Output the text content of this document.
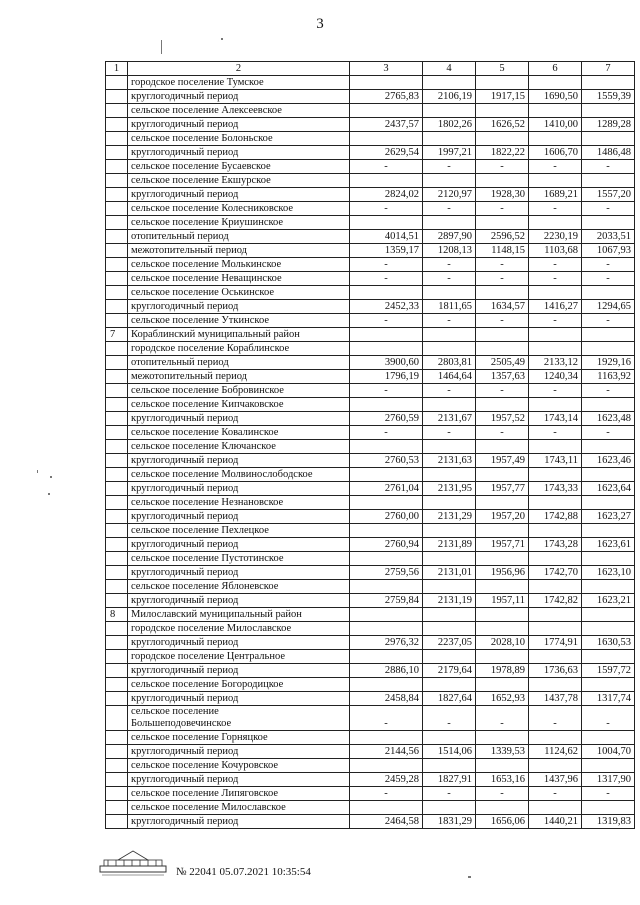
3
1	2	3	4	5	6	7
	городское поселение Тумское					
	круглогодичный период	2765,83	2106,19	1917,15	1690,50	1559,39
	сельское поселение Алексеевское					
	круглогодичный период	2437,57	1802,26	1626,52	1410,00	1289,28
	сельское поселение Болоньское					
	круглогодичный период	2629,54	1997,21	1822,22	1606,70	1486,48
	сельское поселение Бусаевское	-	-	-	-	-
	сельское поселение Екшурское					
	круглогодичный период	2824,02	2120,97	1928,30	1689,21	1557,20
	сельское поселение Колесниковское	-	-	-	-	-
	сельское поселение Криушинское					
	отопительный период	4014,51	2897,90	2596,52	2230,19	2033,51
	межотопительный период	1359,17	1208,13	1148,15	1103,68	1067,93
	сельское поселение Молькинское	-	-	-	-	-
	сельское поселение Неващинское	-	-	-	-	-
	сельское поселение Оськинское					
	круглогодичный период	2452,33	1811,65	1634,57	1416,27	1294,65
	сельское поселение Уткинское	-	-	-	-	-
7	Кораблинский муниципальный район					
	городское поселение Кораблинское					
	отопительный период	3900,60	2803,81	2505,49	2133,12	1929,16
	межотопительный период	1796,19	1464,64	1357,63	1240,34	1163,92
	сельское поселение Бобровинское	-	-	-	-	-
	сельское поселение Кипчаковское					
	круглогодичный период	2760,59	2131,67	1957,52	1743,14	1623,48
	сельское поселение Ковалинское	-	-	-	-	-
	сельское поселение Ключанское					
	круглогодичный период	2760,53	2131,63	1957,49	1743,11	1623,46
	сельское поселение Молвинослободское					
	круглогодичный период	2761,04	2131,95	1957,77	1743,33	1623,64
	сельское поселение Незнановское					
	круглогодичный период	2760,00	2131,29	1957,20	1742,88	1623,27
	сельское поселение Пехлецкое					
	круглогодичный период	2760,94	2131,89	1957,71	1743,28	1623,61
	сельское поселение Пустотинское					
	круглогодичный период	2759,56	2131,01	1956,96	1742,70	1623,10
	сельское поселение Яблоневское					
	круглогодичный период	2759,84	2131,19	1957,11	1742,82	1623,21
8	Милославский муниципальный район					
	городское поселение Милославское					
	круглогодичный период	2976,32	2237,05	2028,10	1774,91	1630,53
	городское поселение Центральное					
	круглогодичный период	2886,10	2179,64	1978,89	1736,63	1597,72
	сельское поселение Богородицкое					
	круглогодичный период	2458,84	1827,64	1652,93	1437,78	1317,74
	сельское поселение
Большеподовечинское	-	-	-	-	-
	сельское поселение Горняцкое					
	круглогодичный период	2144,56	1514,06	1339,53	1124,62	1004,70
	сельское поселение Кочуровское					
	круглогодичный период	2459,28	1827,91	1653,16	1437,96	1317,90
	сельское поселение Липяговское	-	-	-	-	-
	сельское поселение Милославское					
	круглогодичный период	2464,58	1831,29	1656,06	1440,21	1319,83
№ 22041 05.07.2021 10:35:54
